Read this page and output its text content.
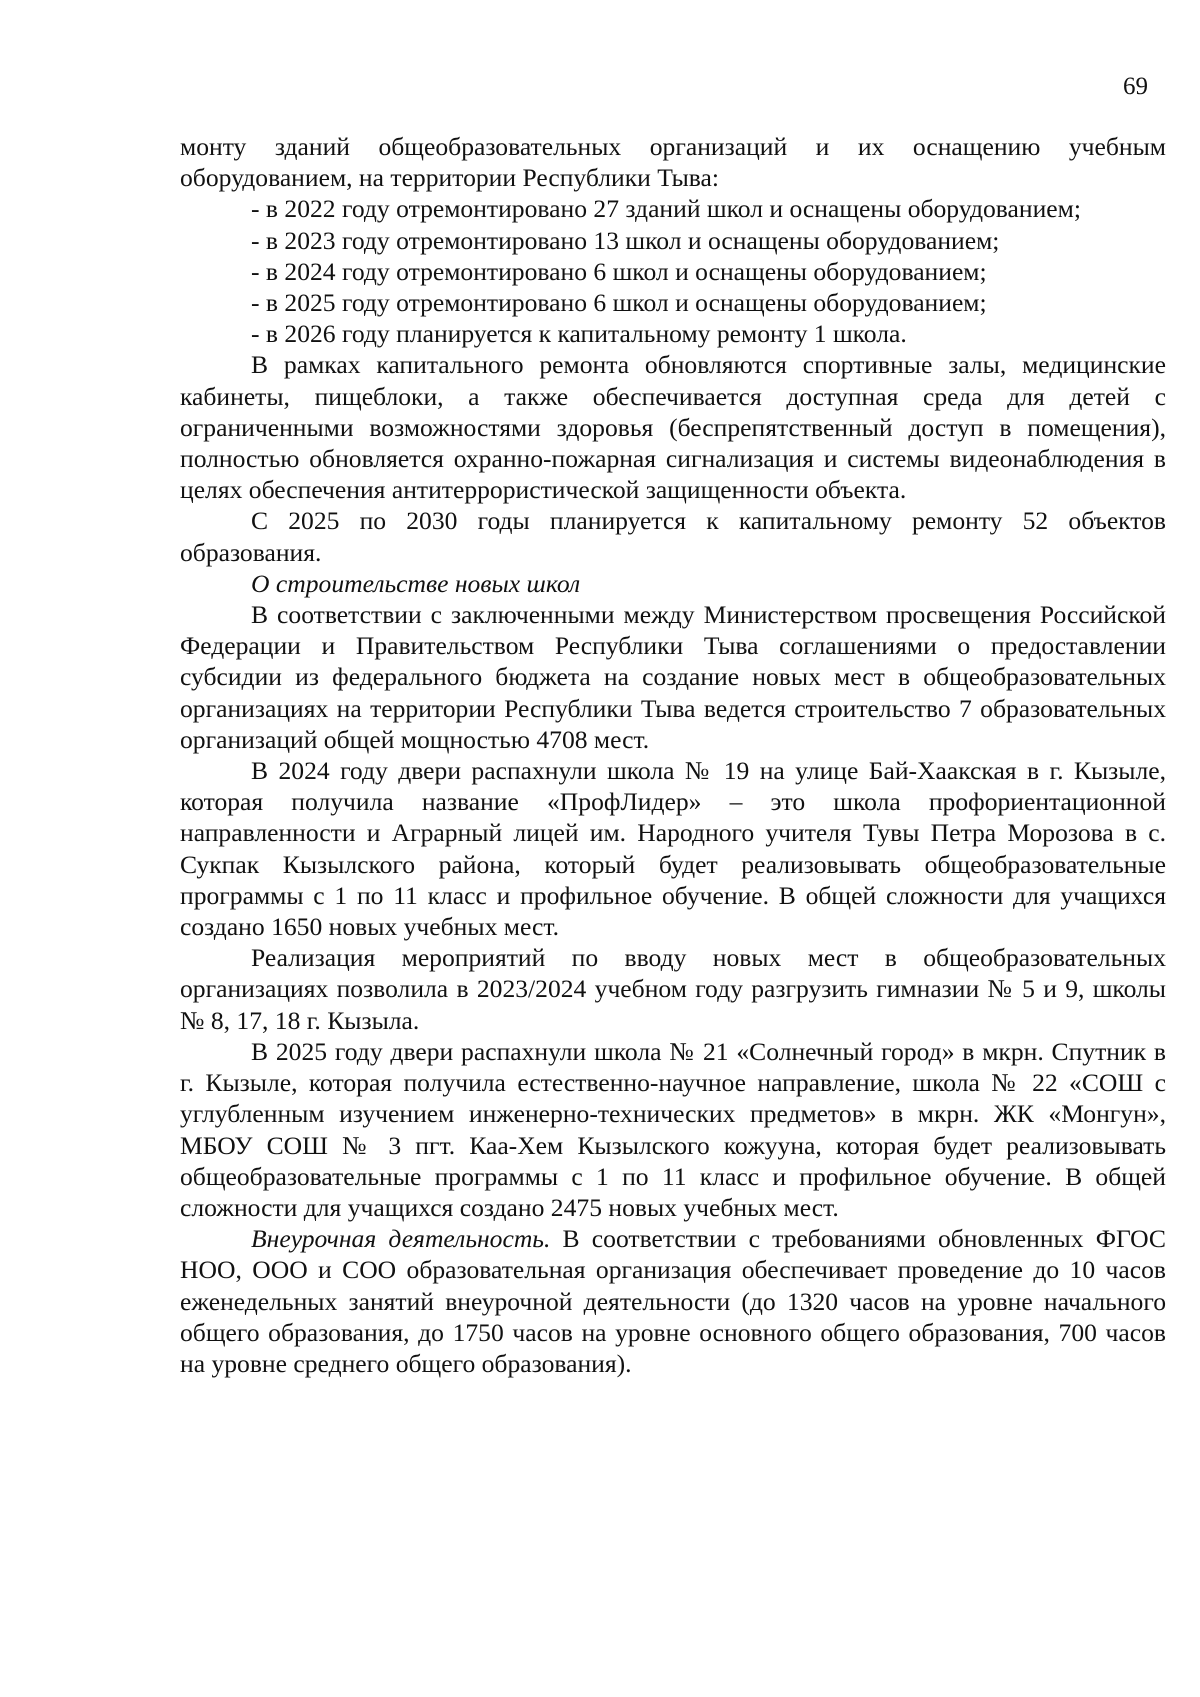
69

монту зданий общеобразовательных организаций и их оснащению учебным оборудованием, на территории Республики Тыва:

- в 2022 году отремонтировано 27 зданий школ и оснащены оборудованием;

- в 2023 году отремонтировано 13 школ и оснащены оборудованием;

- в 2024 году отремонтировано 6 школ и оснащены оборудованием;

- в 2025 году отремонтировано 6 школ и оснащены оборудованием;

- в 2026 году планируется к капитальному ремонту 1 школа.

В рамках капитального ремонта обновляются спортивные залы, медицинские кабинеты, пищеблоки, а также обеспечивается доступная среда для детей с ограниченными возможностями здоровья (беспрепятственный доступ в помещения), полностью обновляется охранно-пожарная сигнализация и системы видеонаблюдения в целях обеспечения антитеррористической защищенности объекта.

С 2025 по 2030 годы планируется к капитальному ремонту 52 объектов образования.

О строительстве новых школ

В соответствии с заключенными между Министерством просвещения Российской Федерации и Правительством Республики Тыва соглашениями о предоставлении субсидии из федерального бюджета на создание новых мест в общеобразовательных организациях на территории Республики Тыва ведется строительство 7 образовательных организаций общей мощностью 4708 мест.

В 2024 году двери распахнули школа № 19 на улице Бай-Хаакская в г. Кызыле, которая получила название «ПрофЛидер» – это школа профориентационной направленности и Аграрный лицей им. Народного учителя Тувы Петра Морозова в с. Сукпак Кызылского района, который будет реализовывать общеобразовательные программы с 1 по 11 класс и профильное обучение. В общей сложности для учащихся создано 1650 новых учебных мест.

Реализация мероприятий по вводу новых мест в общеобразовательных организациях позволила в 2023/2024 учебном году разгрузить гимназии № 5 и 9, школы № 8, 17, 18 г. Кызыла.

В 2025 году двери распахнули школа № 21 «Солнечный город» в мкрн. Спутник в г. Кызыле, которая получила естественно-научное направление, школа № 22 «СОШ с углубленным изучением инженерно-технических предметов» в мкрн. ЖК «Монгун», МБОУ СОШ № 3 пгт. Каа-Хем Кызылского кожууна, которая будет реализовывать общеобразовательные программы с 1 по 11 класс и профильное обучение. В общей сложности для учащихся создано 2475 новых учебных мест.

Внеурочная деятельность. В соответствии с требованиями обновленных ФГОС НОО, ООО и СОО образовательная организация обеспечивает проведение до 10 часов еженедельных занятий внеурочной деятельности (до 1320 часов на уровне начального общего образования, до 1750 часов на уровне основного общего образования, 700 часов на уровне среднего общего образования).
